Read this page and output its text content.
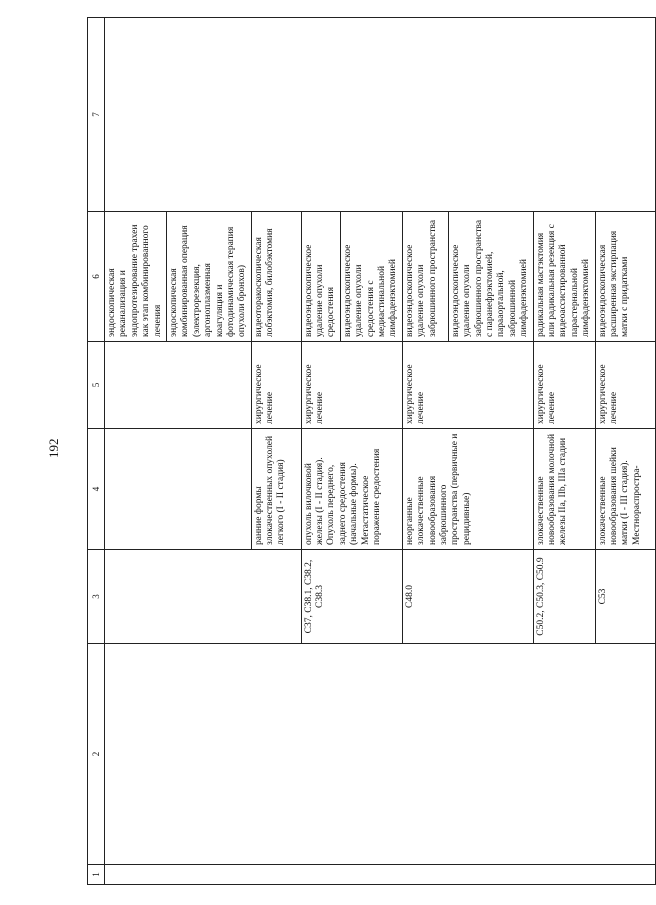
192
1	2	3	4	5	6	7
					эндоскопическая реканализация и эндопротезирование трахеи как этап комбинированного лечения	
					эндоскопическая комбинированная операция (электрорезекция, аргоноплазменная коагуляция и фотодинамическая терапия опухоли бронхов)	
			ранние формы злокачественных опухолей легкого (I - II стадия)	хирургическое лечение	видеоторакоскопическая лобэктомия, билобэктомия	
		C37, C38.1, C38.2, C38.3	опухоль вилочковой железы (I - II стадия). Опухоль переднего, заднего средостения (начальные формы). Метастатическое поражение средостения	хирургическое лечение	видеоэндоскопическое удаление опухоли средостения	
					видеоэндоскопическое удаление опухоли средостения с медиастинальной лимфаденэктомией	
		C48.0	неорганные злокачественные новообразования забрюшинного пространства (первичные и рецидивные)	хирургическое лечение	видеоэндоскопическое удаление опухоли забрюшинного пространства	
					видеоэндоскопическое удаление опухоли забрюшинного пространства с паранефрэктомией, парааортальной, забрюшинной лимфаденэктомией	
		C50.2, C50.3, C50.9	злокачественные новообразования молочной железы IIa, IIb, IIIa стадии	хирургическое лечение	радикальная мастэктомия или радикальная резекция с видеоассистированной парастернальной лимфаденэктомией	
		C53	злокачественные новообразования шейки матки (I - III стадия). Местнораспростра-	хирургическое лечение	видеоэндоскопическая расширенная экстирпация матки с придатками	
